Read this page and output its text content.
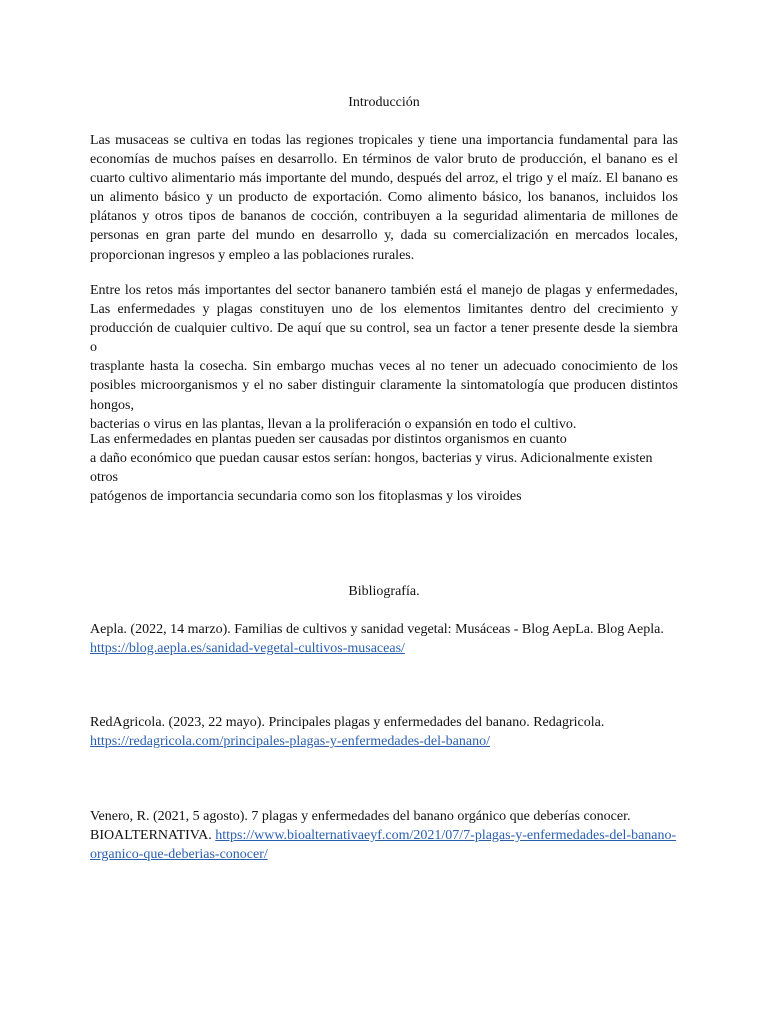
Introducción
Las musaceas se cultiva en todas las regiones tropicales y tiene una importancia fundamental para las
economías de muchos países en desarrollo. En términos de valor bruto de producción, el banano es el
cuarto cultivo alimentario más importante del mundo, después del arroz, el trigo y el maíz. El banano es
un alimento básico y un producto de exportación. Como alimento básico, los bananos, incluidos los
plátanos y otros tipos de bananos de cocción, contribuyen a la seguridad alimentaria de millones de
personas en gran parte del mundo en desarrollo y, dada su comercialización en mercados locales,
proporcionan ingresos y empleo a las poblaciones rurales.
Entre los retos más importantes del sector bananero también está el manejo de plagas y enfermedades,
Las enfermedades y plagas constituyen uno de los elementos limitantes dentro del crecimiento y
producción de cualquier cultivo. De aquí que su control, sea un factor a tener presente desde la siembra o
trasplante hasta la cosecha. Sin embargo muchas veces al no tener un adecuado conocimiento de los
posibles microorganismos y el no saber distinguir claramente la sintomatología que producen distintos
hongos,
bacterias o virus en las plantas, llevan a la proliferación o expansión en todo el cultivo.
Las enfermedades en plantas pueden ser causadas por distintos organismos en cuanto
a daño económico que puedan causar estos serían: hongos, bacterias y virus. Adicionalmente existen otros
patógenos de importancia secundaria como son los fitoplasmas y los viroides
Bibliografía.
Aepla. (2022, 14 marzo). Familias de cultivos y sanidad vegetal: Musáceas - Blog AepLa. Blog Aepla.
https://blog.aepla.es/sanidad-vegetal-cultivos-musaceas/
RedAgricola. (2023, 22 mayo). Principales plagas y enfermedades del banano. Redagricola.
https://redagricola.com/principales-plagas-y-enfermedades-del-banano/
Venero, R. (2021, 5 agosto). 7 plagas y enfermedades del banano orgánico que deberías conocer.
BIOALTERNATIVA. https://www.bioalternativaeyf.com/2021/07/7-plagas-y-enfermedades-del-banano-
organico-que-deberias-conocer/
